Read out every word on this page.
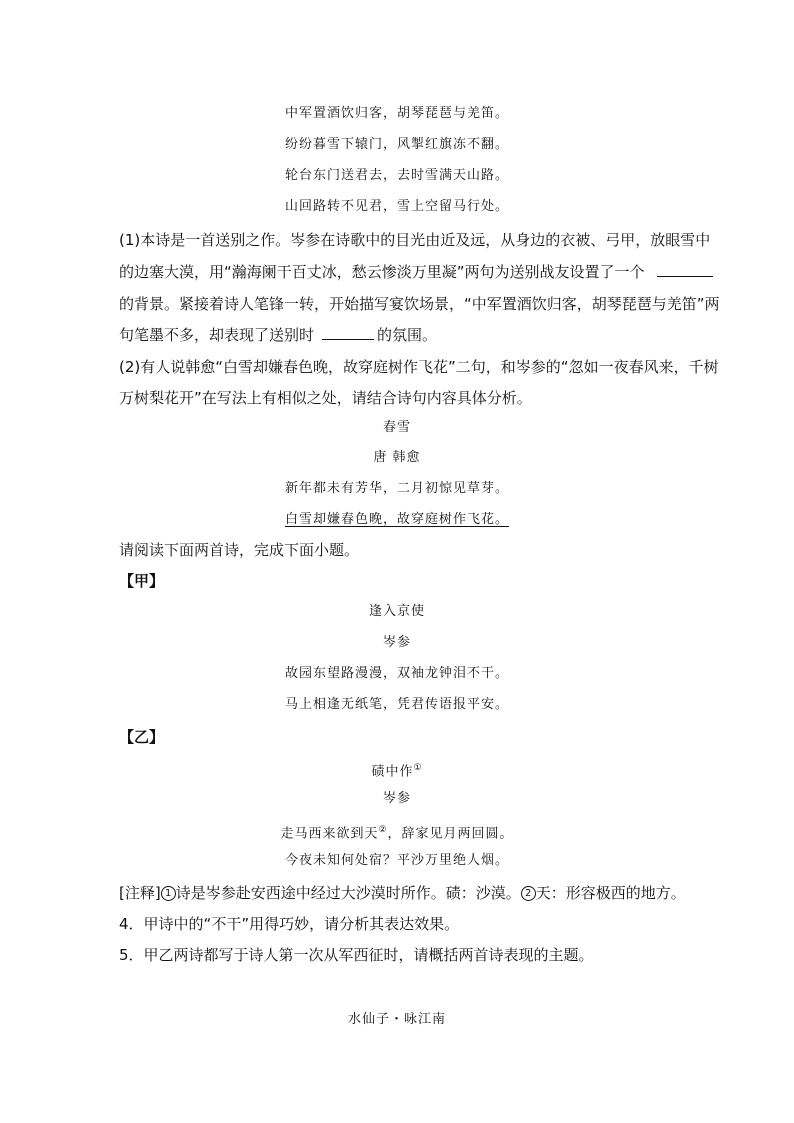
中军置酒饮归客，胡琴琵琶与羌笛。
纷纷暮雪下辕门，风掣红旗冻不翻。
轮台东门送君去，去时雪满天山路。
山回路转不见君，雪上空留马行处。
(1)本诗是一首送别之作。岑参在诗歌中的目光由近及远，从身边的衣被、弓甲，放眼雪中
的边塞大漠，用“瀚海阑干百丈冰，愁云惨淡万里凝”两句为送别战友设置了一个
的背景。紧接着诗人笔锋一转，开始描写宴饮场景，“中军置酒饮归客，胡琴琵琶与羌笛”两
句笔墨不多，却表现了送别时	的氛围。
(2)有人说韩愈“白雪却嫌春色晚，故穿庭树作飞花”二句，和岑参的“忽如一夜春风来，千树
万树梨花开”在写法上有相似之处，请结合诗句内容具体分析。
春雪
唐 韩愈
新年都未有芳华，二月初惊见草芽。
白雪却嫌春色晚，故穿庭树作飞花。
请阅读下面两首诗，完成下面小题。
【甲】
逢入京使
岑参
故园东望路漫漫，双袖龙钟泪不干。
马上相逢无纸笔，凭君传语报平安。
【乙】
碛中作①
岑参
走马西来欲到天②，辞家见月两回圆。
今夜未知何处宿？平沙万里绝人烟。
[注释] 1 诗是岑参赴安西途中经过大沙漠时所作。碛：沙漠。 2 天：形容极西的地方。
4．甲诗中的“不干”用得巧妙，请分析其表达效果。
5．甲乙两诗都写于诗人第一次从军西征时，请概括两首诗表现的主题。
水仙子・咏江南
